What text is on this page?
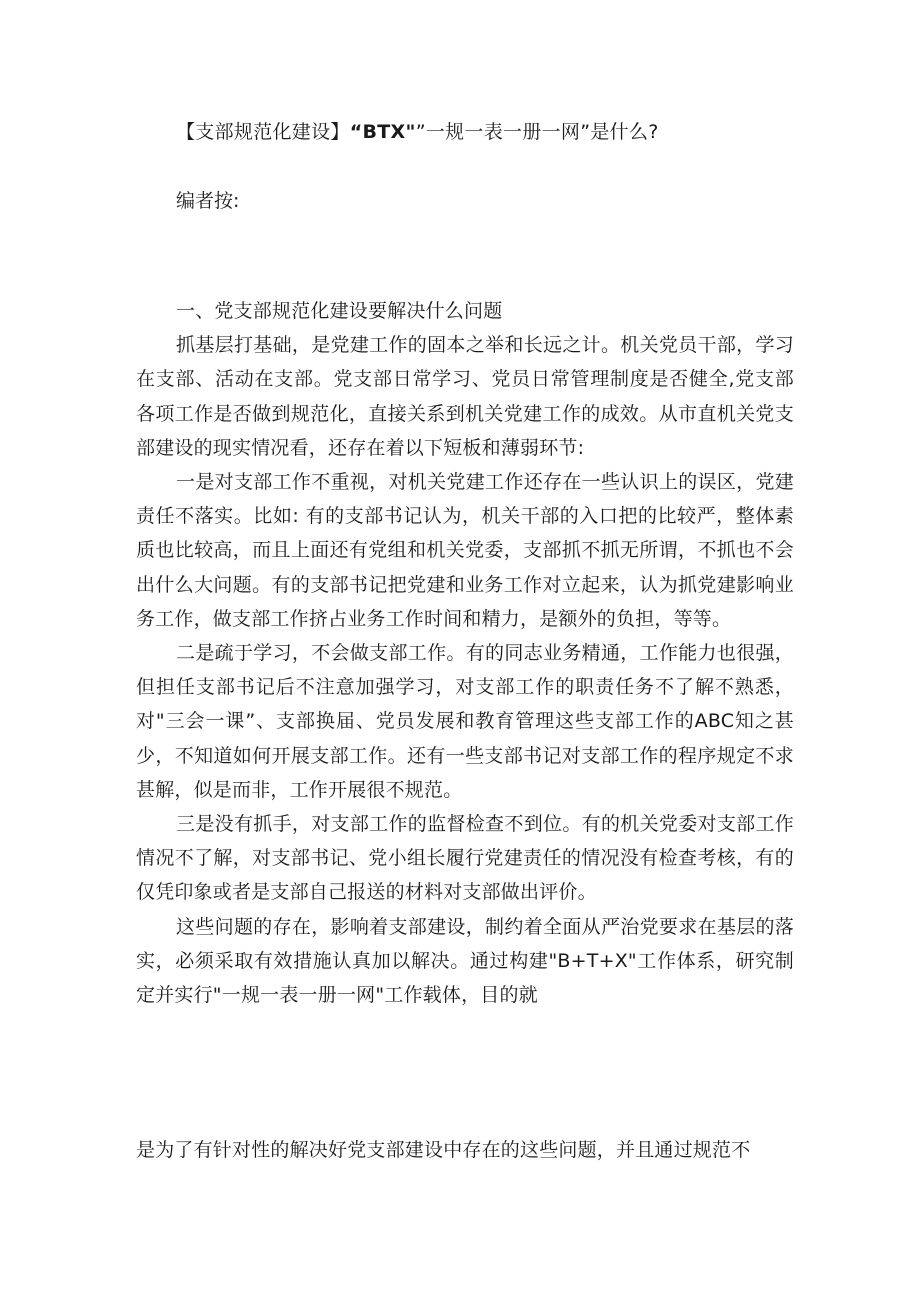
【支部规范化建设】“BTX"”一规一表一册一网”是什么?
编者按:

一、党支部规范化建设要解决什么问题

抓基层打基础，是党建工作的固本之举和长远之计。机关党员干部，学习在支部、活动在支部。党支部日常学习、党员日常管理制度是否健全,党支部各项工作是否做到规范化，直接关系到机关党建工作的成效。从市直机关党支部建设的现实情况看，还存在着以下短板和薄弱环节:

一是对支部工作不重视，对机关党建工作还存在一些认识上的误区，党建责任不落实。比如: 有的支部书记认为，机关干部的入口把的比较严，整体素质也比较高，而且上面还有党组和机关党委，支部抓不抓无所谓，不抓也不会出什么大问题。有的支部书记把党建和业务工作对立起来，认为抓党建影响业务工作，做支部工作挤占业务工作时间和精力，是额外的负担，等等。

二是疏于学习，不会做支部工作。有的同志业务精通，工作能力也很强，但担任支部书记后不注意加强学习，对支部工作的职责任务不了解不熟悉，对"三会一课”、支部换届、党员发展和教育管理这些支部工作的ABC知之甚少，不知道如何开展支部工作。还有一些支部书记对支部工作的程序规定不求甚解，似是而非，工作开展很不规范。

三是没有抓手，对支部工作的监督检查不到位。有的机关党委对支部工作情况不了解，对支部书记、党小组长履行党建责任的情况没有检查考核，有的仅凭印象或者是支部自己报送的材料对支部做出评价。

这些问题的存在，影响着支部建设，制约着全面从严治党要求在基层的落实，必须采取有效措施认真加以解决。通过构建"B+T+X"工作体系，研究制定并实行"一规一表一册一网"工作载体，目的就

是为了有针对性的解决好党支部建设中存在的这些问题，并且通过规范不
